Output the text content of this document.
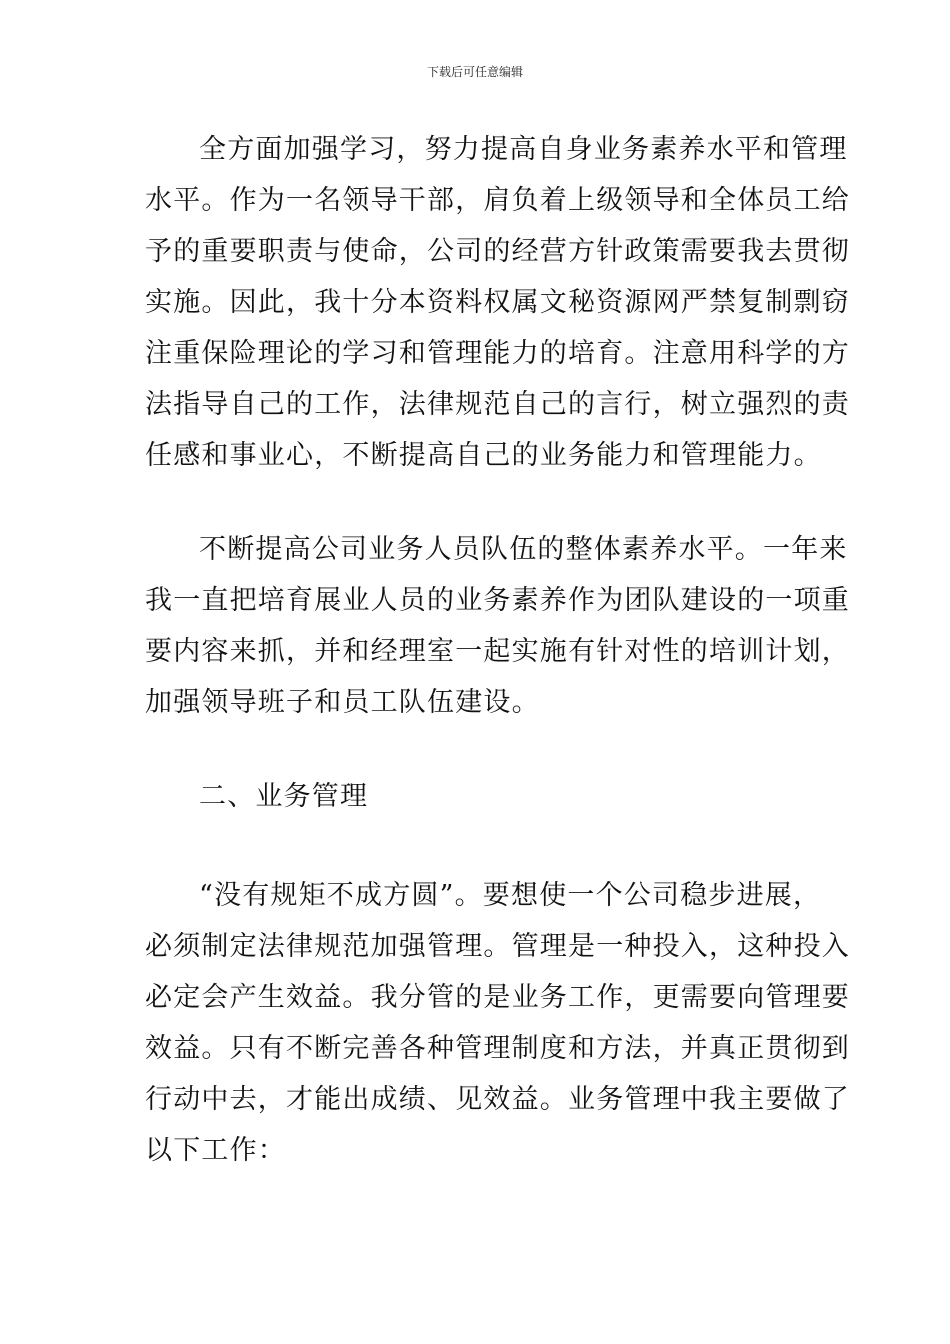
下载后可任意编辑
全方面加强学习，努力提高自身业务素养水平和管理
水平。作为一名领导干部，肩负着上级领导和全体员工给
予的重要职责与使命，公司的经营方针政策需要我去贯彻
实施。因此，我十分本资料权属文秘资源网严禁复制剽窃
注重保险理论的学习和管理能力的培育。注意用科学的方
法指导自己的工作，法律规范自己的言行，树立强烈的责
任感和事业心，不断提高自己的业务能力和管理能力。
不断提高公司业务人员队伍的整体素养水平。一年来
我一直把培育展业人员的业务素养作为团队建设的一项重
要内容来抓，并和经理室一起实施有针对性的培训计划，
加强领导班子和员工队伍建设。
二、业务管理
“没有规矩不成方圆”。要想使一个公司稳步进展，
必须制定法律规范加强管理。管理是一种投入，这种投入
必定会产生效益。我分管的是业务工作，更需要向管理要
效益。只有不断完善各种管理制度和方法，并真正贯彻到
行动中去，才能出成绩、见效益。业务管理中我主要做了
以下工作：
